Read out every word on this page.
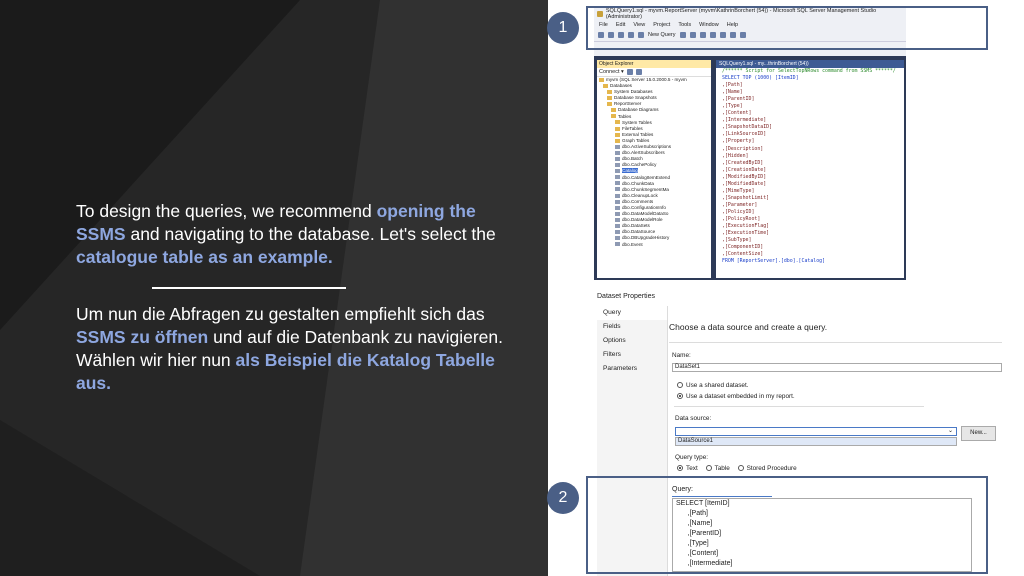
To design the queries, we recommend opening the SSMS and navigating to the database. Let's select the catalogue table as an example.
Um nun die Abfragen zu gestalten empfiehlt sich das SSMS zu öffnen und auf die Datenbank zu navigieren. Wählen wir hier nun als Beispiel die Katalog Tabelle aus.
SQLQuery1.sql - myvm.ReportServer (myvm\KathrinBorchert (54)) - Microsoft SQL Server Management Studio (Administrator)
File Edit View Project Tools Window Help
New Query
Object Explorer
Connect ▾
myvm (SQL Server 15.0.2000.5 - myvm
Databases
System Databases
Database Snapshots
ReportServer
Database Diagrams
Tables
System Tables
FileTables
External Tables
Graph Tables
dbo.ActiveSubscriptions
dbo.AlertSubscribers
dbo.Batch
dbo.CachePolicy
Catalog
dbo.CatalogItemExtend
dbo.ChunkData
dbo.ChunkSegmentMa
dbo.CleanupLock
dbo.Comments
dbo.ConfigurationInfo
dbo.DataModelDataSo
dbo.DataModelRole
dbo.DataSets
dbo.DataSource
dbo.DBUpgradeHistory
dbo.Event
SQLQuery1.sql - my...thrinBorchert (54))
/****** Script for SelectTopNRows command from SSMS ******/
SELECT TOP (1000) [ItemID]
,[Path]
,[Name]
,[ParentID]
,[Type]
,[Content]
,[Intermediate]
,[SnapshotDataID]
,[LinkSourceID]
,[Property]
,[Description]
,[Hidden]
,[CreatedByID]
,[CreationDate]
,[ModifiedByID]
,[ModifiedDate]
,[MimeType]
,[SnapshotLimit]
,[Parameter]
,[PolicyID]
,[PolicyRoot]
,[ExecutionFlag]
,[ExecutionTime]
,[SubType]
,[ComponentID]
,[ContentSize]
FROM [ReportServer].[dbo].[Catalog]
1
Dataset Properties
Query
Fields
Options
Filters
Parameters
Choose a data source and create a query.
Name:
DataSet1
Use a shared dataset.
Use a dataset embedded in my report.
Data source:
⌄
DataSource1
New...
Query type:
Text	Table	Stored Procedure
Query:
SELECT [ItemID]
,[Path]
,[Name]
,[ParentID]
,[Type]
,[Content]
,[Intermediate]
2
